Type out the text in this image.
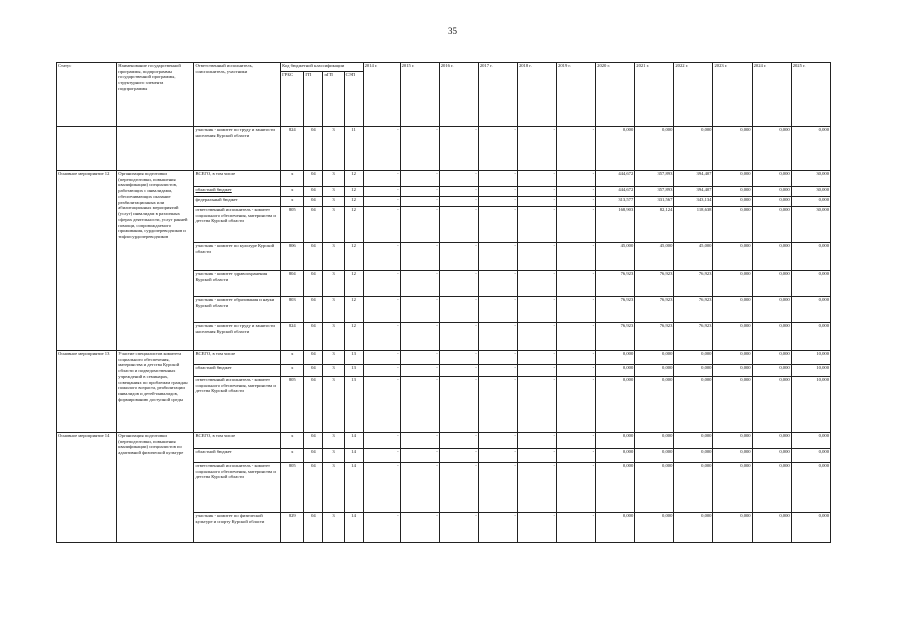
35
Статус	Наименование государственной программы, подпрограммы государственной программы, структурного элемента подпрограммы	Ответственный исполнитель, соисполнитель, участники	Код бюджетной классификации				2014 г.	2015 г.	2016 г.	2017 г.	2018 г.	2019 г.	2020 г.	2021 г.	2022 г.	2023 г.	2024 г.	2025 г.
			ГРБС	ГП	пГП	СЭП												
		участник - комитет по труду и занятости населения Курской области	824	04	3	11	-	-	-	-	-	-	0,000	0,000	0,000	0,000	0,000	0,000
Основное мероприятие 12	Организация подготовки (переподготовки, повышения квалификации) специалистов, работающих с инвалидами, обеспечивающих оказание реабилитационных или абилитационных мероприятий (услуг) инвалидам в различных сферах деятельности, услуг ранней помощи, сопровождаемого проживания, сурдопереводчиков и тифлосурдопереводчиков	ВСЕГО, в том числе	x	04	3	12	-	-	-	-	-	-	444,672	357,893	394,407	0,000	0,000	30,000
		областной бюджет	x	04	3	12	-	-	-	-	-	-	444,672	357,893	394,407	0,000	0,000	30,000
		федеральный бюджет	x	04	3	12	-	-	-	-	-	-	313,577	331,567	343,134	0,000	0,000	0,000
		ответственный исполнитель - комитет социального обеспечения, материнства и детства Курской области	805	04	3	12	-	-	-	-	-	-	168,903	82,124	118,638	0,000	0,000	30,000
		участник - комитет по культуре Курской области	806	04	3	12	-	-	-	-	-	-	45,000	45,000	45,000	0,000	0,000	0,000
		участник - комитет здравоохранения Курской области	804	04	3	12	-	-	-	-	-	-	76,923	76,923	76,923	0,000	0,000	0,000
		участник - комитет образования и науки Курской области	803	04	3	12	-	-	-	-	-	-	76,923	76,923	76,923	0,000	0,000	0,000
		участник - комитет по труду и занятости населения Курской области	824	04	3	12	-	-	-	-	-	-	76,923	76,923	76,923	0,000	0,000	0,000
Основное мероприятие 13	Участие специалистов комитета социального обеспечения, материнства и детства Курской области и подведомственных учреждений в семинарах, совещаниях по проблемам граждан пожилого возраста, реабилитации инвалидов и детей-инвалидов, формированию доступной среды	ВСЕГО, в том числе	x	04	3	13	-	-	-	-	-	-	0,000	0,000	0,000	0,000	0,000	10,000
		областной бюджет	x	04	3	13	-	-	-	-	-	-	0,000	0,000	0,000	0,000	0,000	10,000
		ответственный исполнитель - комитет социального обеспечения, материнства и детства Курской области	805	04	3	13	-	-	-	-	-	-	0,000	0,000	0,000	0,000	0,000	10,000
Основное мероприятие 14	Организация подготовки (переподготовки, повышения квалификации) специалистов по адаптивной физической культуре	ВСЕГО, в том числе	x	04	3	14	-	-	-	-	-	-	0,000	0,000	0,000	0,000	0,000	0,000
		областной бюджет	x	04	3	14	-	-	-	-	-	-	0,000	0,000	0,000	0,000	0,000	0,000
		ответственный исполнитель - комитет социального обеспечения, материнства и детства Курской области	805	04	3	14	-	-	-	-	-	-	0,000	0,000	0,000	0,000	0,000	0,000
		участник - комитет по физической культуре и спорту Курской области	829	04	3	14	-	-	-	-	-	-	0,000	0,000	0,000	0,000	0,000	0,000
